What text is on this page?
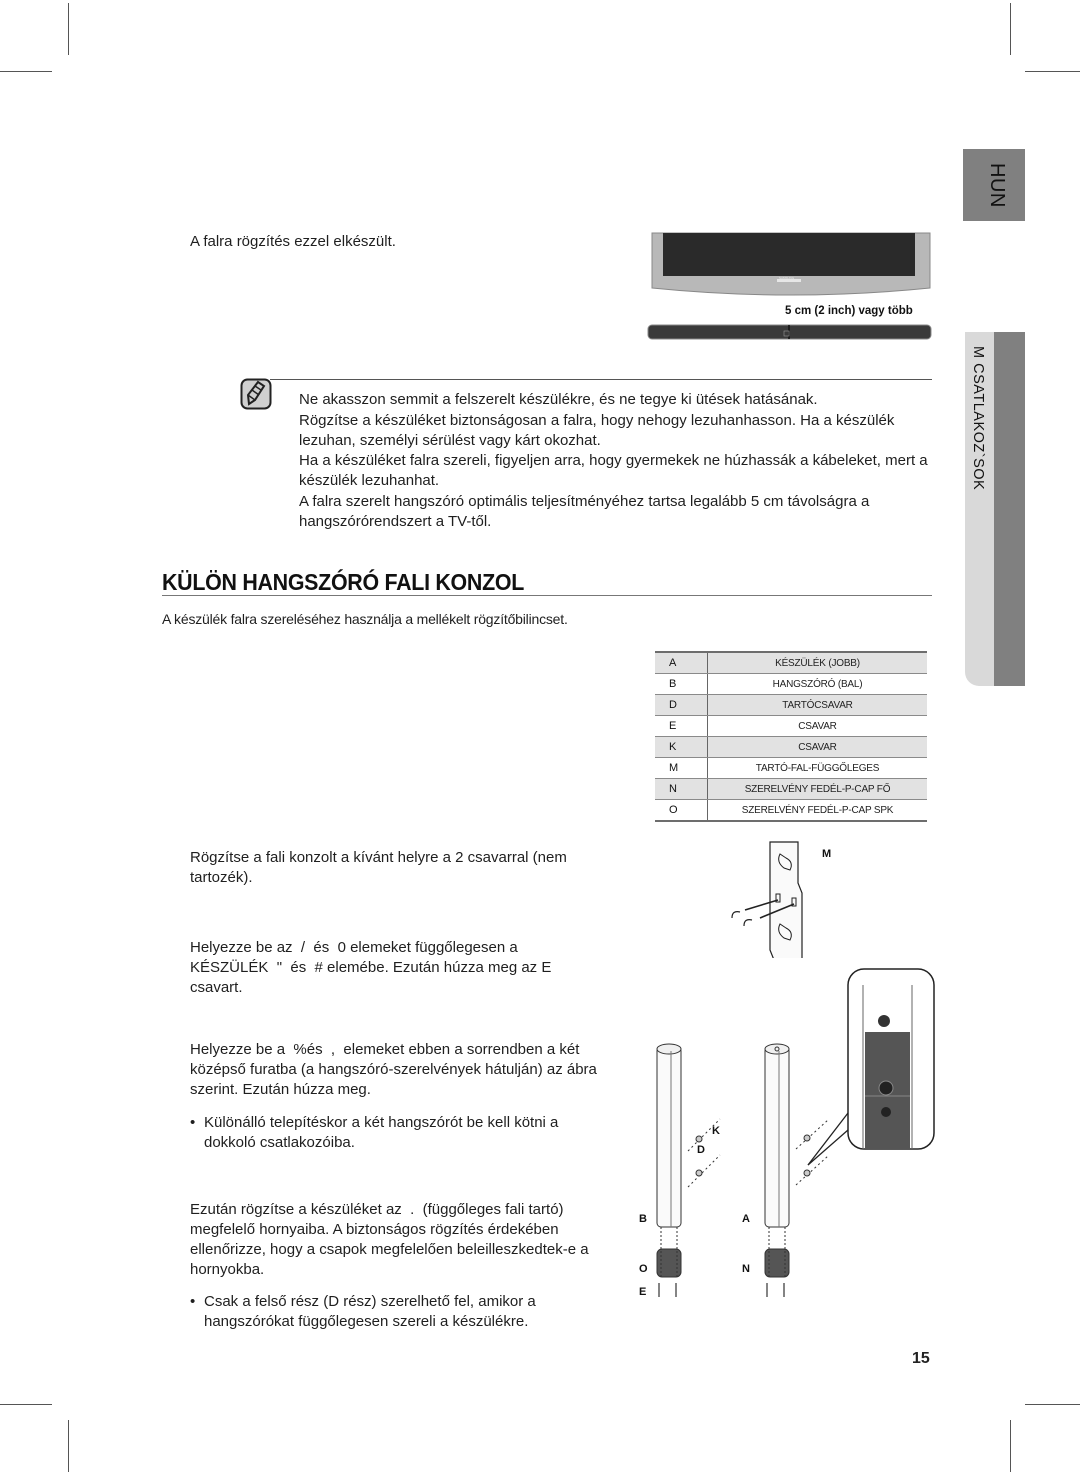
HUN
M CSATLAKOZ`SOK
A falra rögzítés ezzel elkészült.
SAMSUNG
5 cm (2 inch) vagy több
Ne akasszon semmit a felszerelt készülékre, és ne tegye ki ütések hatásának.
Rögzítse a készüléket biztonságosan a falra, hogy nehogy lezuhanhasson. Ha a készülék lezuhan, személyi sérülést vagy kárt okozhat.
Ha a készüléket falra szereli, figyeljen arra, hogy gyermekek ne húzhassák a kábeleket, mert a készülék lezuhanhat.
A falra szerelt hangszóró optimális teljesítményéhez tartsa legalább 5 cm távolságra a hangszórórendszert a TV-től.
KÜLÖN HANGSZÓRÓ FALI KONZOL
A készülék falra szereléséhez használja a mellékelt rögzítőbilincset.
A	KÉSZÜLÉK (JOBB)
B	HANGSZÓRÓ (BAL)
D	TARTÓCSAVAR
E	CSAVAR
K	CSAVAR
M	TARTÓ-FAL-FÜGGŐLEGES
N	SZERELVÉNY FEDÉL-P-CAP FŐ
O	SZERELVÉNY FEDÉL-P-CAP SPK
Rögzítse a fali konzolt a kívánt helyre a 2 csavarral (nem tartozék).
Helyezze be az  /  és  0 elemeket függőlegesen a KÉSZÜLÉK  "  és  # elemébe. Ezután húzza meg az E csavart.
Helyezze be a  %és  ,  elemeket ebben a sorrendben a két középső furatba (a hangszóró-szerelvények hátulján) az ábra szerint. Ezután húzza meg.
• Különálló telepítéskor a két hangszórót be kell kötni a dokkoló csatlakozóiba.
Ezután rögzítse a készüléket az  .  (függőleges fali tartó) megfelelő hornyaiba. A biztonságos rögzítés érdekében ellenőrizze, hogy a csapok megfelelően beleilleszkedtek-e a hornyokba.
• Csak a felső rész (D rész) szerelhető fel, amikor a hangszórókat függőlegesen szereli a készülékre.
M
K
D
B	A
O	N
E
15
